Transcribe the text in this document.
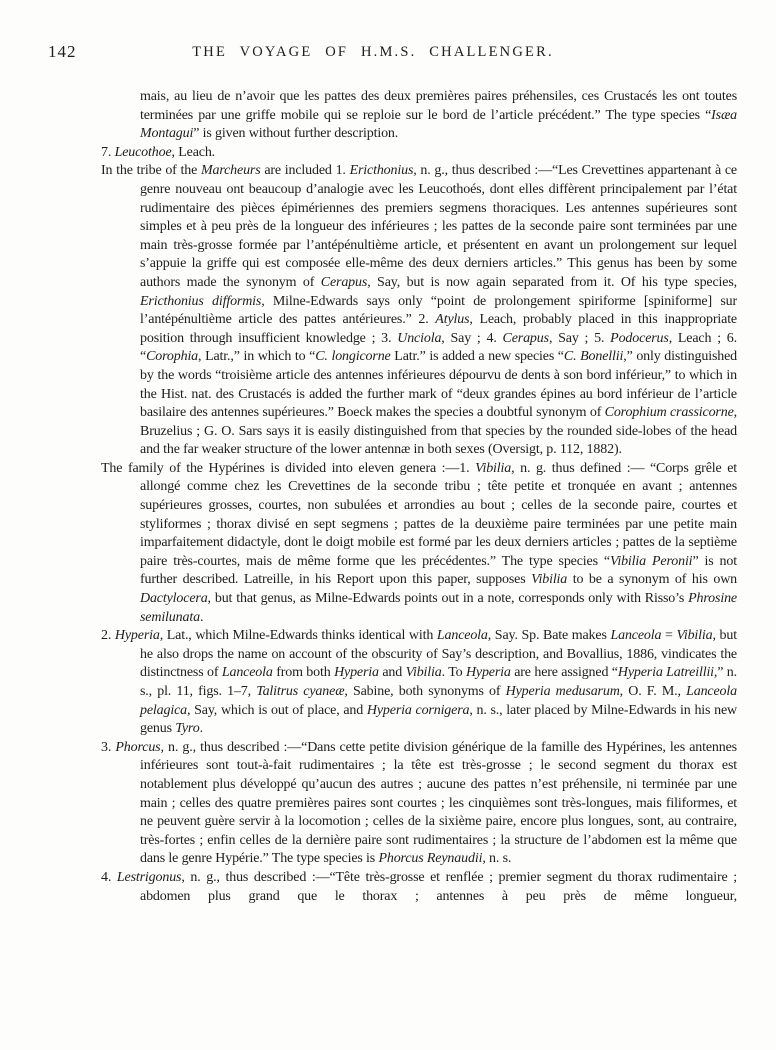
142	THE VOYAGE OF H.M.S. CHALLENGER.

mais, au lieu de n’avoir que les pattes des deux premières paires préhensiles, ces Crustacés les ont toutes terminées par une griffe mobile qui se reploie sur le bord de l’article précédent.” The type species “Isæa Montagui” is given without further description.

7. Leucothoe, Leach.

In the tribe of the Marcheurs are included 1. Ericthonius, n. g., thus described :—“Les Crevettines appartenant à ce genre nouveau ont beaucoup d’analogie avec les Leucothoés, dont elles diffèrent principalement par l’état rudimentaire des pièces épimériennes des premiers segmens thoraciques. Les antennes supérieures sont simples et à peu près de la longueur des inférieures ; les pattes de la seconde paire sont terminées par une main très-grosse formée par l’antépénultième article, et présentent en avant un prolongement sur lequel s’appuie la griffe qui est composée elle-même des deux derniers articles.” This genus has been by some authors made the synonym of Cerapus, Say, but is now again separated from it. Of his type species, Ericthonius difformis, Milne-Edwards says only “point de prolongement spiriforme [spiniforme] sur l’antépénultième article des pattes antérieures.” 2. Atylus, Leach, probably placed in this inappropriate position through insufficient knowledge ; 3. Unciola, Say ; 4. Cerapus, Say ; 5. Podocerus, Leach ; 6. “Corophia, Latr.,” in which to “C. longicorne Latr.” is added a new species “C. Bonellii,” only distinguished by the words “troisième article des antennes inférieures dépourvu de dents à son bord inférieur,” to which in the Hist. nat. des Crustacés is added the further mark of “deux grandes épines au bord inférieur de l’article basilaire des antennes supérieures.” Boeck makes the species a doubtful synonym of Corophium crassicorne, Bruzelius ; G. O. Sars says it is easily distinguished from that species by the rounded side-lobes of the head and the far weaker structure of the lower antennæ in both sexes (Oversigt, p. 112, 1882).

The family of the Hypérines is divided into eleven genera :—1. Vibilia, n. g. thus defined :— “Corps grêle et allongé comme chez les Crevettines de la seconde tribu ; tête petite et tronquée en avant ; antennes supérieures grosses, courtes, non subulées et arrondies au bout ; celles de la seconde paire, courtes et styliformes ; thorax divisé en sept segmens ; pattes de la deuxième paire terminées par une petite main imparfaitement didactyle, dont le doigt mobile est formé par les deux derniers articles ; pattes de la septième paire très-courtes, mais de même forme que les précédentes.” The type species “Vibilia Peronii” is not further described. Latreille, in his Report upon this paper, supposes Vibilia to be a synonym of his own Dactylocera, but that genus, as Milne-Edwards points out in a note, corresponds only with Risso’s Phrosine semilunata.

2. Hyperia, Lat., which Milne-Edwards thinks identical with Lanceola, Say. Sp. Bate makes Lanceola = Vibilia, but he also drops the name on account of the obscurity of Say’s description, and Bovallius, 1886, vindicates the distinctness of Lanceola from both Hyperia and Vibilia. To Hyperia are here assigned “Hyperia Latreillii,” n. s., pl. 11, figs. 1–7, Talitrus cyaneæ, Sabine, both synonyms of Hyperia medusarum, O. F. M., Lanceola pelagica, Say, which is out of place, and Hyperia cornigera, n. s., later placed by Milne-Edwards in his new genus Tyro.

3. Phorcus, n. g., thus described :—“Dans cette petite division générique de la famille des Hypérines, les antennes inférieures sont tout-à-fait rudimentaires ; la tête est très-grosse ; le second segment du thorax est notablement plus développé qu’aucun des autres ; aucune des pattes n’est préhensile, ni terminée par une main ; celles des quatre premières paires sont courtes ; les cinquièmes sont très-longues, mais filiformes, et ne peuvent guère servir à la locomotion ; celles de la sixième paire, encore plus longues, sont, au contraire, très-fortes ; enfin celles de la dernière paire sont rudimentaires ; la structure de l’abdomen est la même que dans le genre Hypérie.” The type species is Phorcus Reynaudii, n. s.

4. Lestrigonus, n. g., thus described :—“Tête très-grosse et renflée ; premier segment du thorax rudimentaire ; abdomen plus grand que le thorax ; antennes à peu près de même longueur,
